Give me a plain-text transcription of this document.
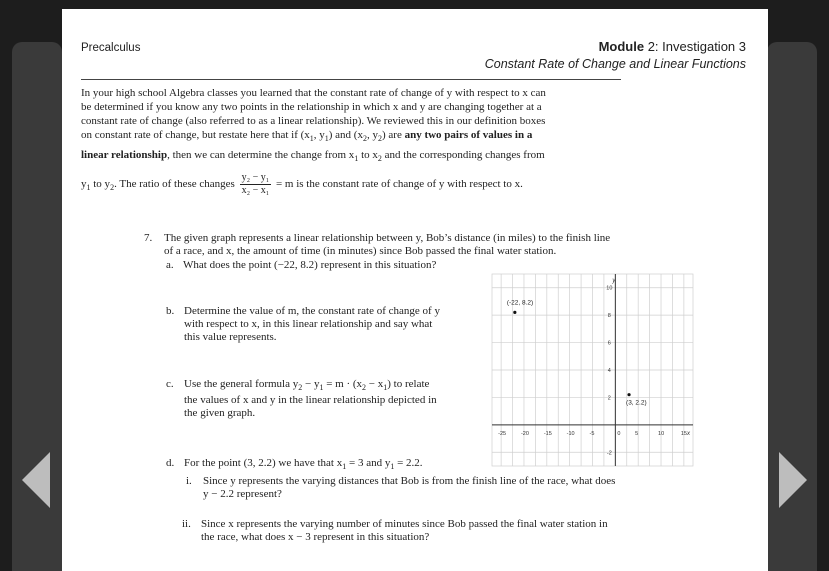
Precalculus	Module 2: Investigation 3
Constant Rate of Change and Linear Functions
In your high school Algebra classes you learned that the constant rate of change of y with respect to x can
be determined if you know any two points in the relationship in which x and y are changing together at a
constant rate of change (also referred to as a linear relationship). We reviewed this in our definition boxes
on constant rate of change, but restate here that if ($x_1$, $y_1$) and ($x_2$, $y_2$) are any two pairs of values in a
linear relationship, then we can determine the change from $x_1$ to $x_2$ and the corresponding changes from
$y_1$ to $y_2$. The ratio of these changes $\frac{\text{y₂ − y₁}}{\text{x₂ − x₁}} = m$ is the constant rate of change of y with respect to x.
7. The given graph represents a linear relationship between y, Bob’s distance (in miles) to the finish line
of a race, and x, the amount of time (in minutes) since Bob passed the final water station.
a. What does the point (−22, 8.2) represent in this situation?
b. Determine the value of m, the constant rate of change of y
with respect to x, in this linear relationship and say what
this value represents.
c. Use the general formula $y_2 - y_1 = m \cdot (x_2 - x_1)$ to relate
the values of x and y in the linear relationship depicted in
the given graph.
d. For the point (3, 2.2) we have that $x_1 = 3$ and $y_1 = 2.2$.
i. Since y represents the varying distances that Bob is from the finish line of the race, what does
y − 2.2 represent?
ii. Since x represents the varying number of minutes since Bob passed the final water station in
the race, what does x − 3 represent in this situation?
-25	-20	-15	-10	-5	0	5	10	15
10
8
6
4
2
-2
y
x
(-22, 8.2)
(3, 2.2)
